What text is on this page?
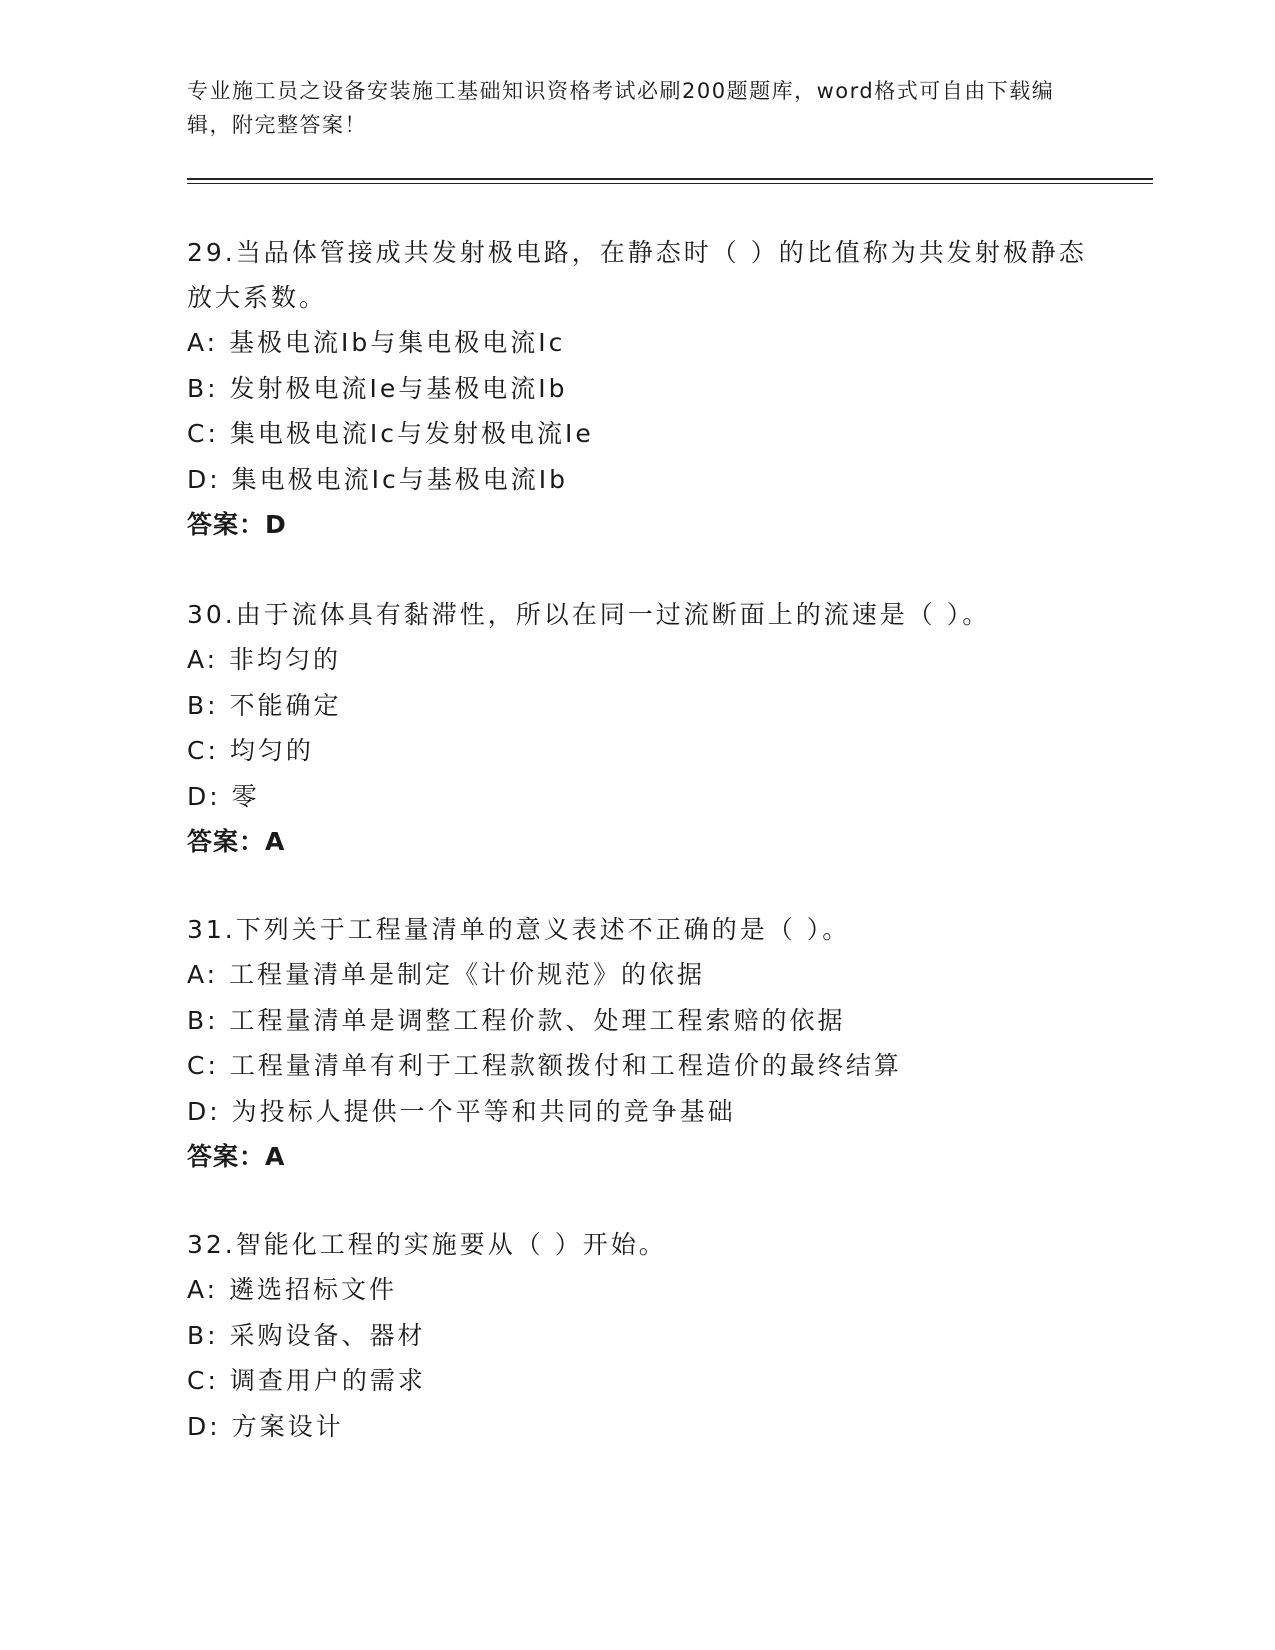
专业施工员之设备安装施工基础知识资格考试必刷200题题库，word格式可自由下载编辑，附完整答案！
29.当品体管接成共发射极电路，在静态时（ ）的比值称为共发射极静态放大系数。
A: 基极电流Ib与集电极电流Ic
B: 发射极电流Ie与基极电流Ib
C: 集电极电流Ic与发射极电流Ie
D: 集电极电流Ic与基极电流Ib
答案：D
30.由于流体具有黏滞性，所以在同一过流断面上的流速是（ ）。
A: 非均匀的
B: 不能确定
C: 均匀的
D: 零
答案：A
31.下列关于工程量清单的意义表述不正确的是（ ）。
A: 工程量清单是制定《计价规范》的依据
B: 工程量清单是调整工程价款、处理工程索赔的依据
C: 工程量清单有利于工程款额拨付和工程造价的最终结算
D: 为投标人提供一个平等和共同的竞争基础
答案：A
32.智能化工程的实施要从（ ）开始。
A: 遴选招标文件
B: 采购设备、器材
C: 调查用户的需求
D: 方案设计
